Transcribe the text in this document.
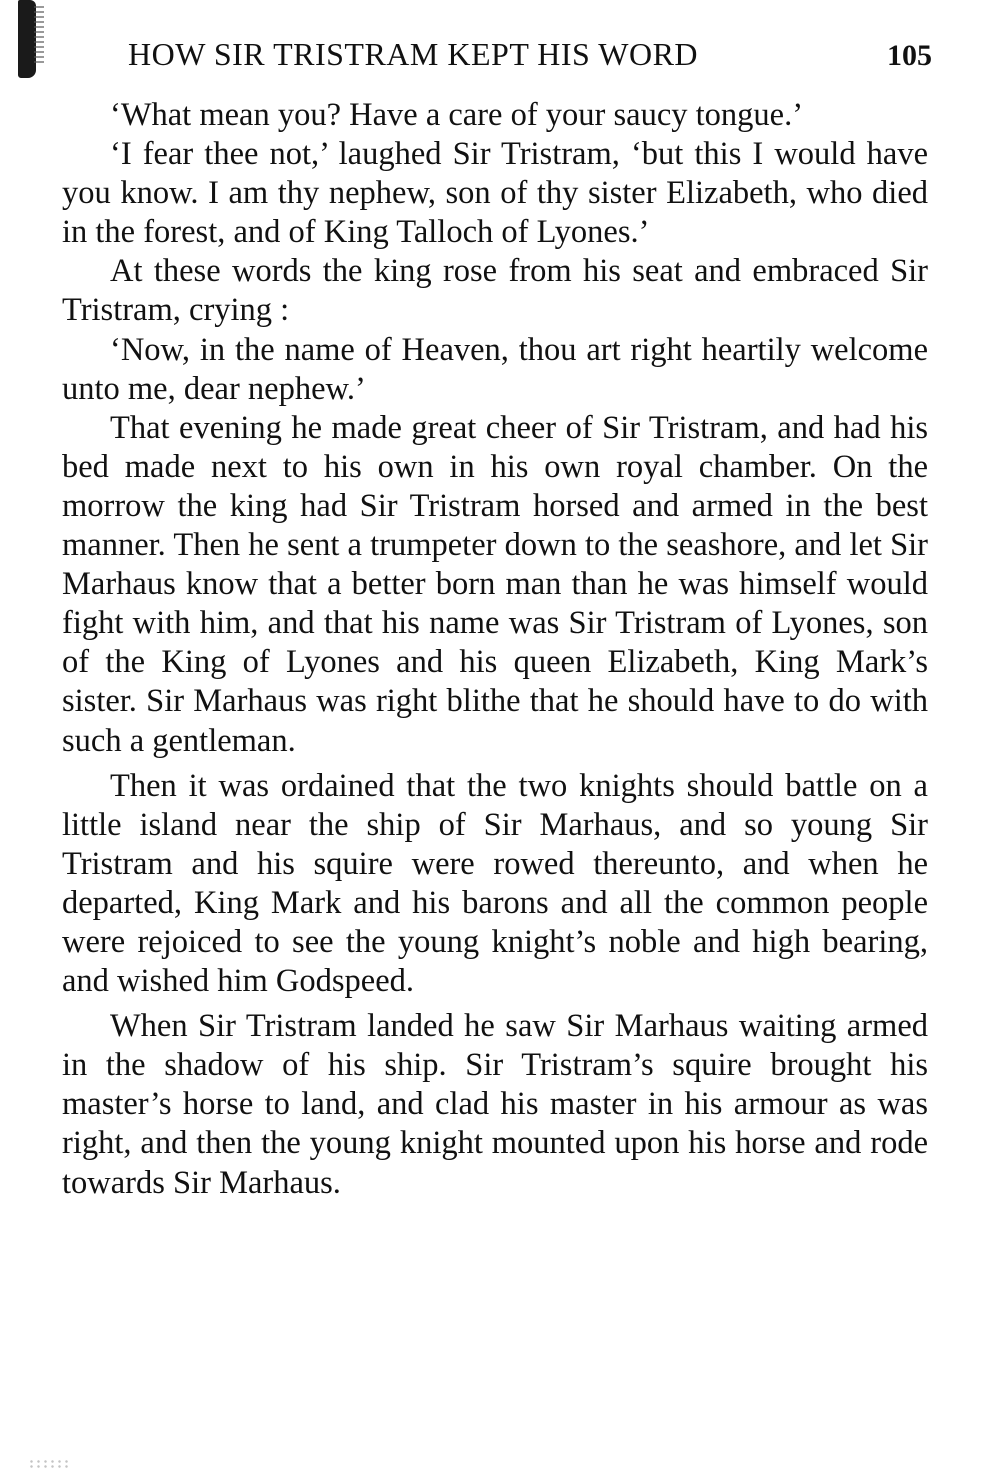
HOW SIR TRISTRAM KEPT HIS WORD	105

‘What mean you? Have a care of your saucy tongue.’

‘I fear thee not,’ laughed Sir Tristram, ‘but this I would have you know. I am thy nephew, son of thy sister Elizabeth, who died in the forest, and of King Talloch of Lyones.’

At these words the king rose from his seat and embraced Sir Tristram, crying :

‘Now, in the name of Heaven, thou art right heartily welcome unto me, dear nephew.’

That evening he made great cheer of Sir Tristram, and had his bed made next to his own in his own royal chamber. On the morrow the king had Sir Tristram horsed and armed in the best manner. Then he sent a trumpeter down to the seashore, and let Sir Marhaus know that a better born man than he was himself would fight with him, and that his name was Sir Tristram of Lyones, son of the King of Lyones and his queen Elizabeth, King Mark’s sister. Sir Marhaus was right blithe that he should have to do with such a gentleman.

Then it was ordained that the two knights should battle on a little island near the ship of Sir Marhaus, and so young Sir Tristram and his squire were rowed thereunto, and when he departed, King Mark and his barons and all the common people were rejoiced to see the young knight’s noble and high bearing, and wished him Godspeed.

When Sir Tristram landed he saw Sir Marhaus waiting armed in the shadow of his ship. Sir Tristram’s squire brought his master’s horse to land, and clad his master in his armour as was right, and then the young knight mounted upon his horse and rode towards Sir Marhaus.
